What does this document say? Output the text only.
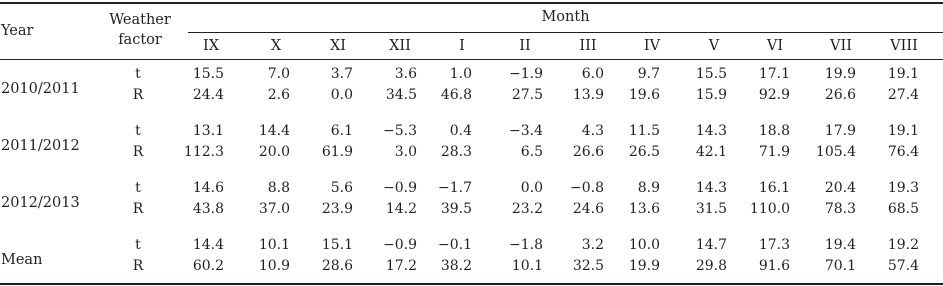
Year
Weather
factor
Month
IX	X	XI	XII	I	II	III	IV	V	VI	VII	VIII
2010/2011
t	15.5	7.0	3.7	3.6	1.0	−1.9	6.0	9.7	15.5	17.1	19.9	19.1
R	24.4	2.6	0.0	34.5	46.8	27.5	13.9	19.6	15.9	92.9	26.6	27.4
2011/2012
t	13.1	14.4	6.1	−5.3	0.4	−3.4	4.3	11.5	14.3	18.8	17.9	19.1
R	112.3	20.0	61.9	3.0	28.3	6.5	26.6	26.5	42.1	71.9	105.4	76.4
2012/2013
t	14.6	8.8	5.6	−0.9	−1.7	0.0	−0.8	8.9	14.3	16.1	20.4	19.3
R	43.8	37.0	23.9	14.2	39.5	23.2	24.6	13.6	31.5	110.0	78.3	68.5
Mean
t	14.4	10.1	15.1	−0.9	−0.1	−1.8	3.2	10.0	14.7	17.3	19.4	19.2
R	60.2	10.9	28.6	17.2	38.2	10.1	32.5	19.9	29.8	91.6	70.1	57.4
